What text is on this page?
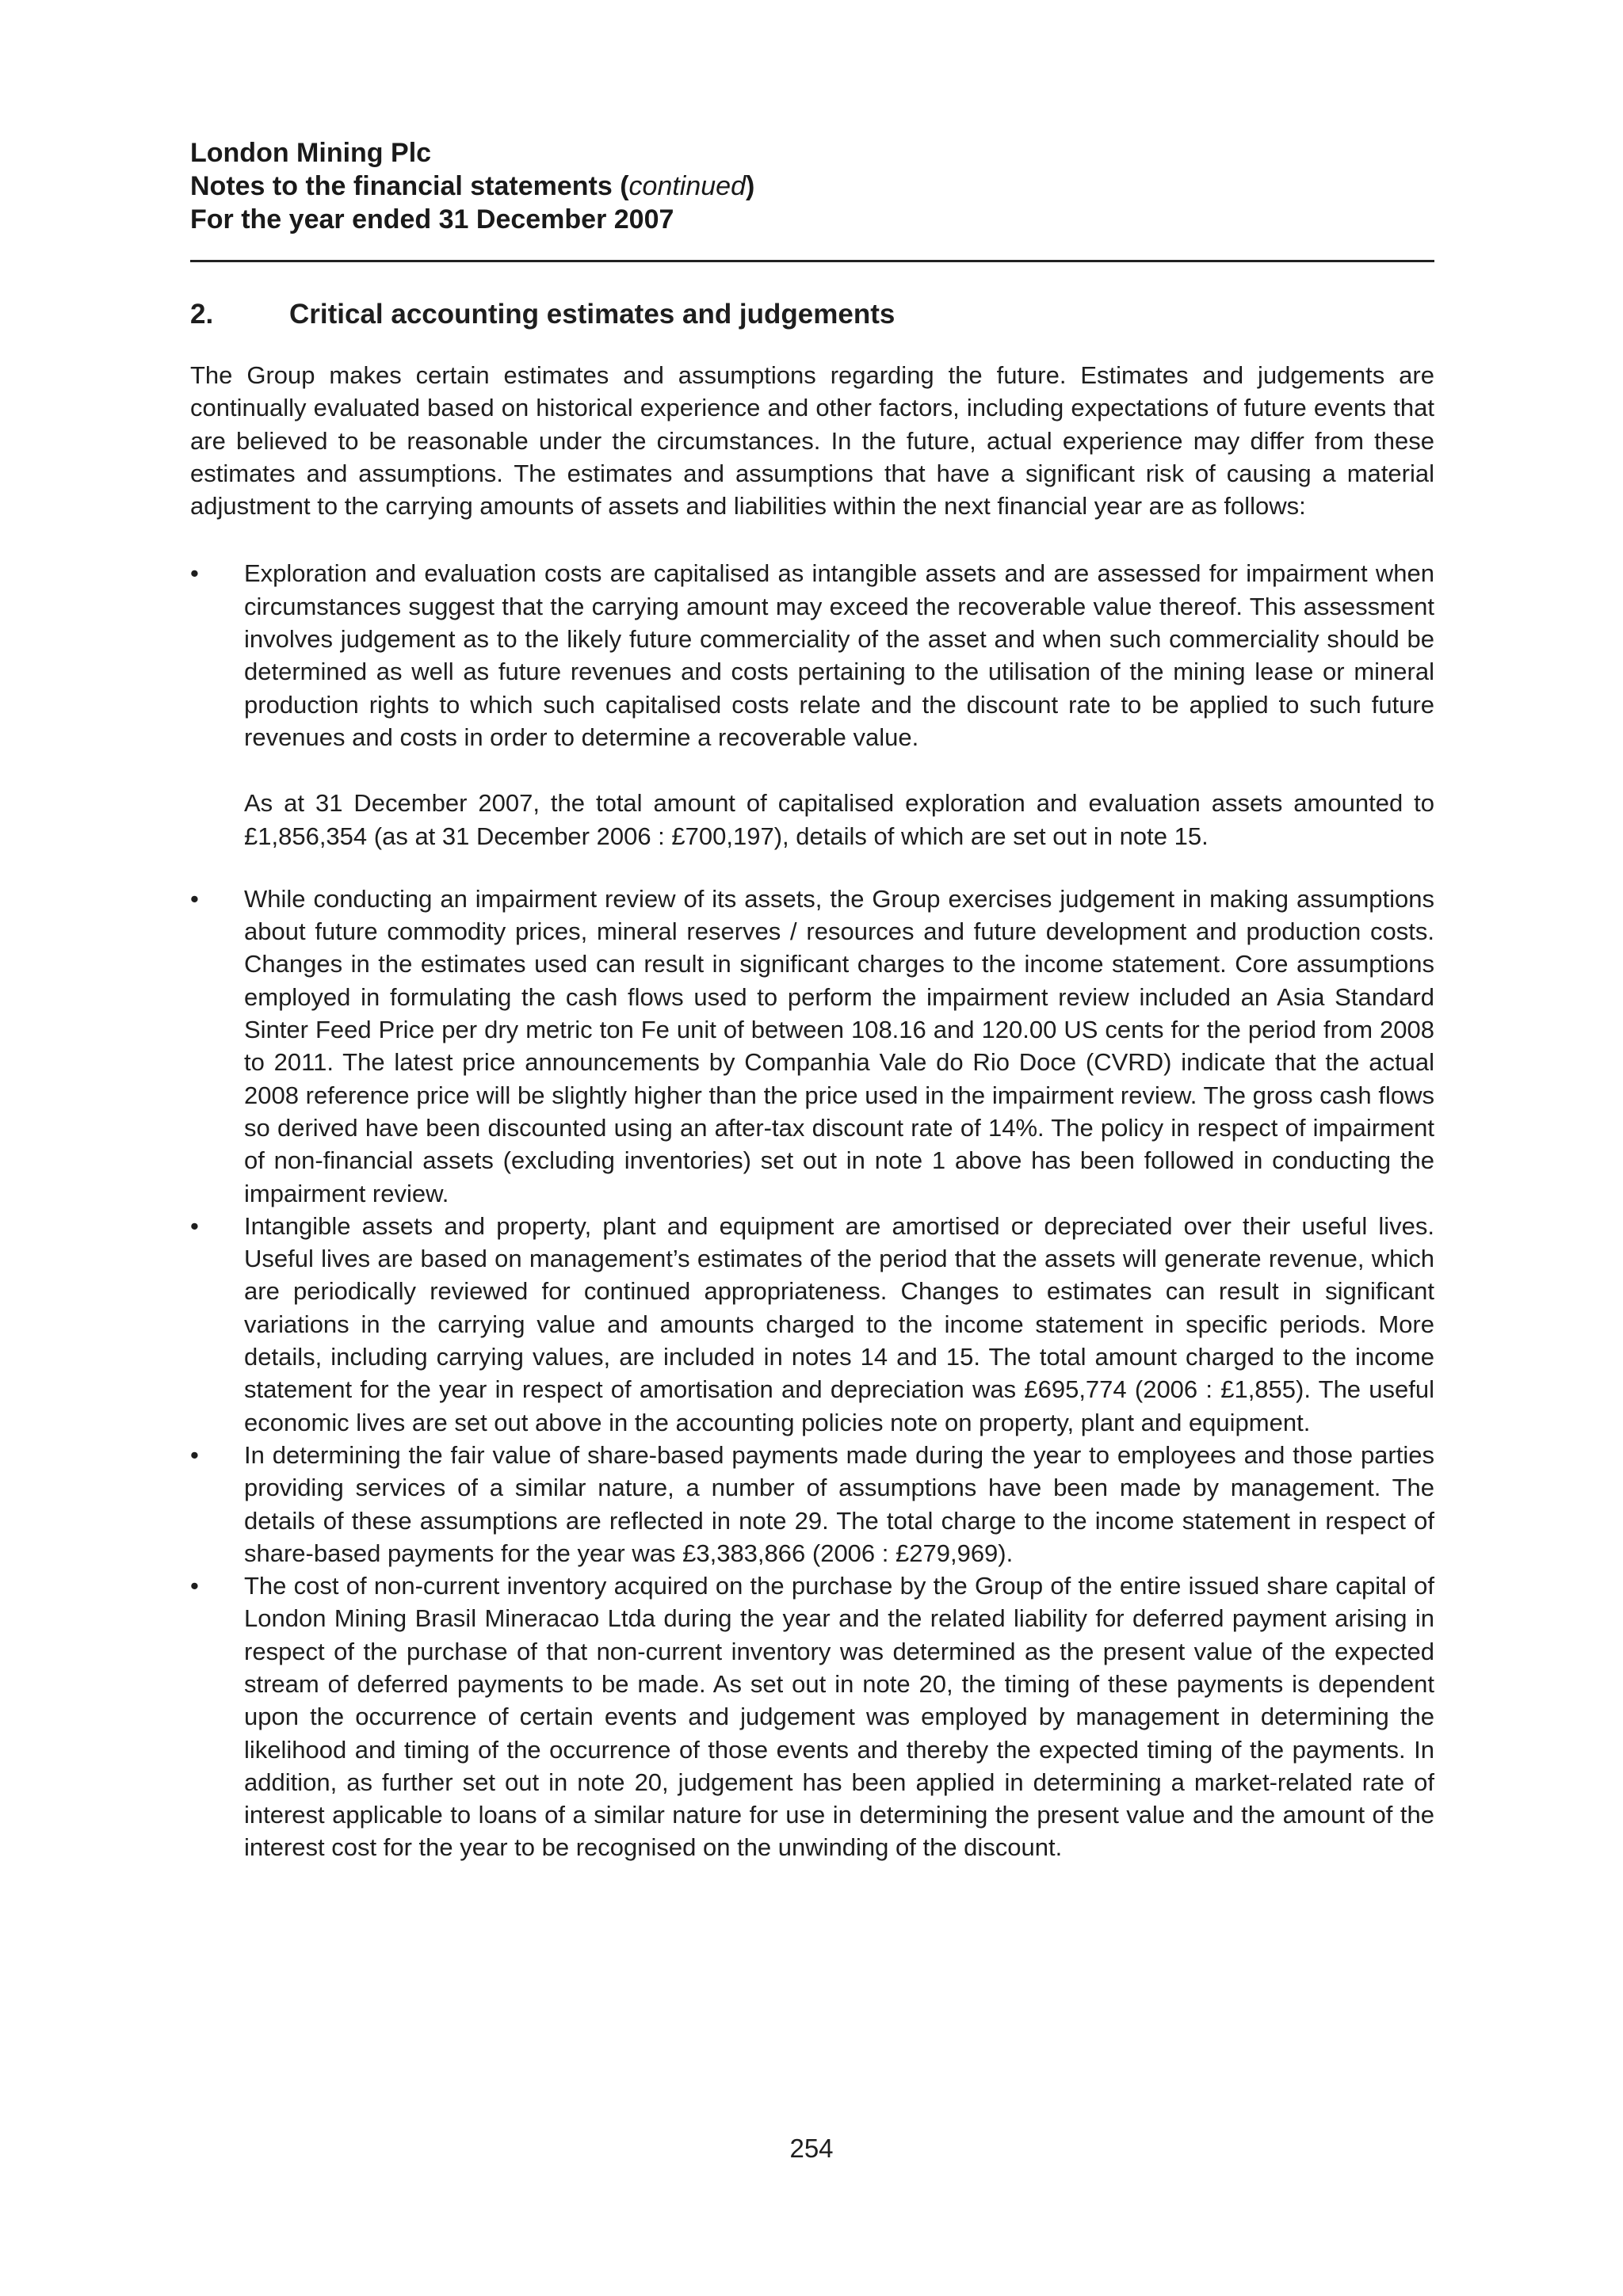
London Mining Plc
Notes to the financial statements (continued)
For the year ended 31 December 2007
2.	Critical accounting estimates and judgements

The Group makes certain estimates and assumptions regarding the future. Estimates and judgements are continually evaluated based on historical experience and other factors, including expectations of future events that are believed to be reasonable under the circumstances. In the future, actual experience may differ from these estimates and assumptions. The estimates and assumptions that have a significant risk of causing a material adjustment to the carrying amounts of assets and liabilities within the next financial year are as follows:

•	Exploration and evaluation costs are capitalised as intangible assets and are assessed for impairment when circumstances suggest that the carrying amount may exceed the recoverable value thereof. This assessment involves judgement as to the likely future commerciality of the asset and when such commerciality should be determined as well as future revenues and costs pertaining to the utilisation of the mining lease or mineral production rights to which such capitalised costs relate and the discount rate to be applied to such future revenues and costs in order to determine a recoverable value.

As at 31 December 2007, the total amount of capitalised exploration and evaluation assets amounted to £1,856,354 (as at 31 December 2006 : £700,197), details of which are set out in note 15.

•	While conducting an impairment review of its assets, the Group exercises judgement in making assumptions about future commodity prices, mineral reserves / resources and future development and production costs. Changes in the estimates used can result in significant charges to the income statement. Core assumptions employed in formulating the cash flows used to perform the impairment review included an Asia Standard Sinter Feed Price per dry metric ton Fe unit of between 108.16 and 120.00 US cents for the period from 2008 to 2011. The latest price announcements by Companhia Vale do Rio Doce (CVRD) indicate that the actual 2008 reference price will be slightly higher than the price used in the impairment review. The gross cash flows so derived have been discounted using an after-tax discount rate of 14%. The policy in respect of impairment of non-financial assets (excluding inventories) set out in note 1 above has been followed in conducting the impairment review.

•	Intangible assets and property, plant and equipment are amortised or depreciated over their useful lives. Useful lives are based on management’s estimates of the period that the assets will generate revenue, which are periodically reviewed for continued appropriateness. Changes to estimates can result in significant variations in the carrying value and amounts charged to the income statement in specific periods. More details, including carrying values, are included in notes 14 and 15. The total amount charged to the income statement for the year in respect of amortisation and depreciation was £695,774 (2006 : £1,855). The useful economic lives are set out above in the accounting policies note on property, plant and equipment.

•	In determining the fair value of share-based payments made during the year to employees and those parties providing services of a similar nature, a number of assumptions have been made by management. The details of these assumptions are reflected in note 29. The total charge to the income statement in respect of share-based payments for the year was £3,383,866 (2006 : £279,969).

•	The cost of non-current inventory acquired on the purchase by the Group of the entire issued share capital of London Mining Brasil Mineracao Ltda during the year and the related liability for deferred payment arising in respect of the purchase of that non-current inventory was determined as the present value of the expected stream of deferred payments to be made. As set out in note 20, the timing of these payments is dependent upon the occurrence of certain events and judgement was employed by management in determining the likelihood and timing of the occurrence of those events and thereby the expected timing of the payments. In addition, as further set out in note 20, judgement has been applied in determining a market-related rate of interest applicable to loans of a similar nature for use in determining the present value and the amount of the interest cost for the year to be recognised on the unwinding of the discount.

254
